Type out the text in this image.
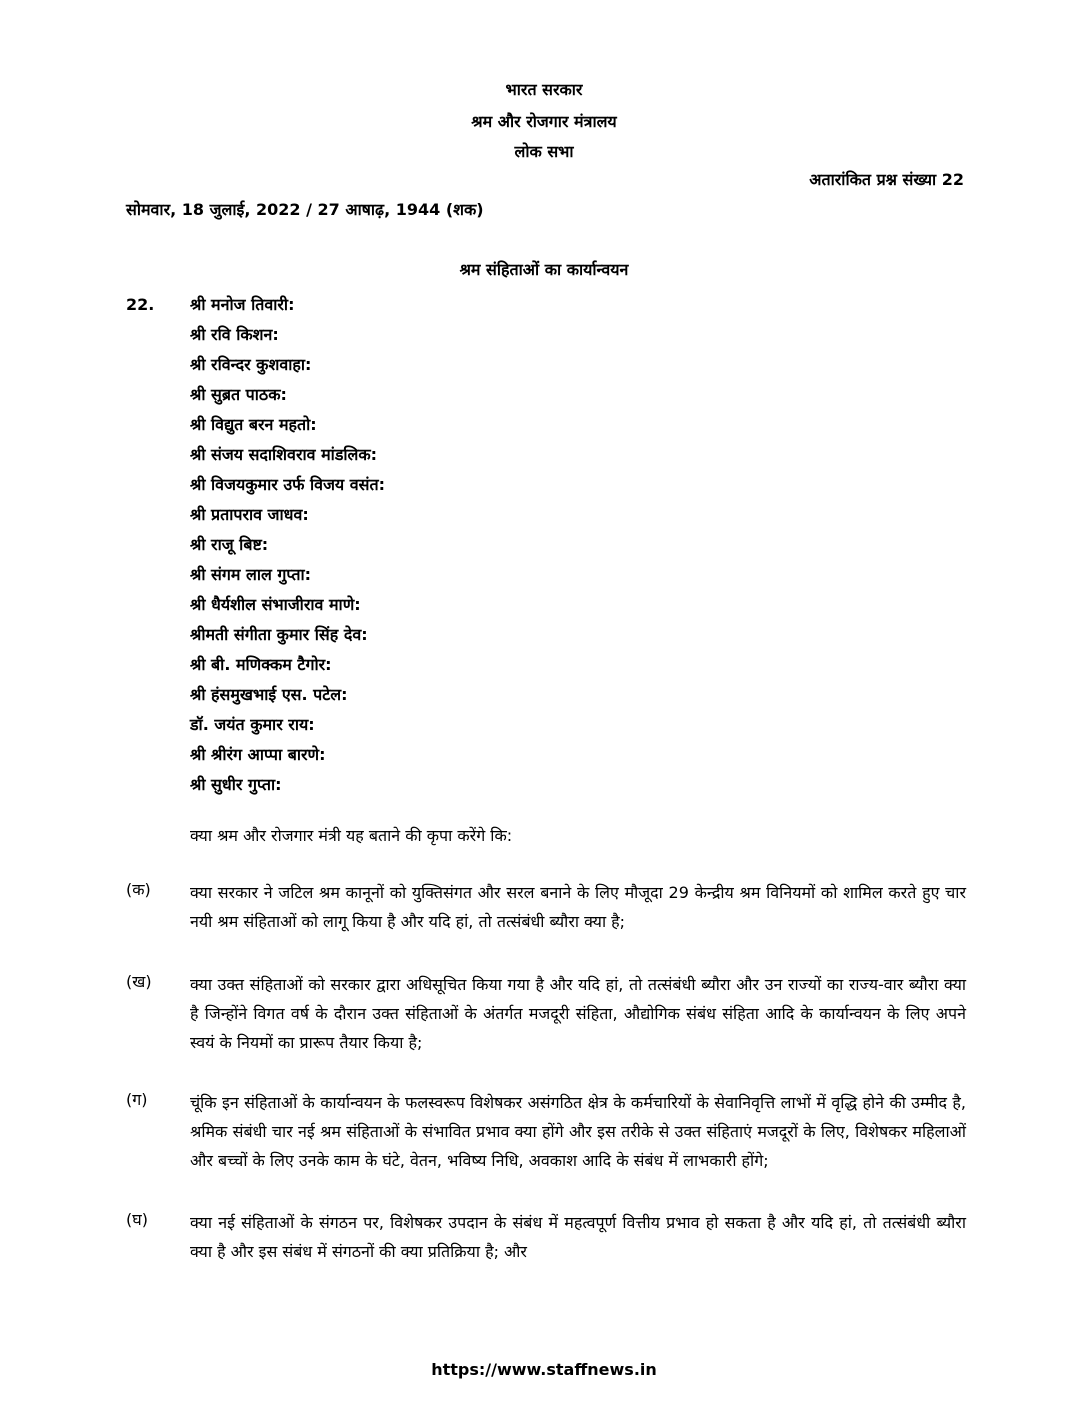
भारत सरकार
श्रम और रोजगार मंत्रालय
लोक सभा
अतारांकित प्रश्न संख्या 22
सोमवार, 18 जुलाई, 2022 / 27 आषाढ़, 1944 (शक)
श्रम संहिताओं का कार्यान्वयन
22. श्री मनोज तिवारी:
श्री रवि किशन:
श्री रविन्दर कुशवाहा:
श्री सुब्रत पाठक:
श्री विद्युत बरन महतो:
श्री संजय सदाशिवराव मांडलिक:
श्री विजयकुमार उर्फ विजय वसंत:
श्री प्रतापराव जाधव:
श्री राजू बिष्ट:
श्री संगम लाल गुप्ता:
श्री धैर्यशील संभाजीराव माणे:
श्रीमती संगीता कुमार सिंह देव:
श्री बी. मणिक्कम टैगोर:
श्री हंसमुखभाई एस. पटेल:
डॉ. जयंत कुमार राय:
श्री श्रीरंग आप्पा बारणे:
श्री सुधीर गुप्ता:
क्या श्रम और रोजगार मंत्री यह बताने की कृपा करेंगे कि:
(क) क्या सरकार ने जटिल श्रम कानूनों को युक्तिसंगत और सरल बनाने के लिए मौजूदा 29 केन्द्रीय श्रम विनियमों को शामिल करते हुए चार नयी श्रम संहिताओं को लागू किया है और यदि हां, तो तत्संबंधी ब्यौरा क्या है;
(ख) क्या उक्त संहिताओं को सरकार द्वारा अधिसूचित किया गया है और यदि हां, तो तत्संबंधी ब्यौरा और उन राज्यों का राज्य-वार ब्यौरा क्या है जिन्होंने विगत वर्ष के दौरान उक्त संहिताओं के अंतर्गत मजदूरी संहिता, औद्योगिक संबंध संहिता आदि के कार्यान्वयन के लिए अपने स्वयं के नियमों का प्रारूप तैयार किया है;
(ग)	चूंकि इन संहिताओं के कार्यान्वयन के फलस्वरूप विशेषकर असंगठित क्षेत्र के कर्मचारियों के सेवानिवृत्ति लाभों में वृद्धि होने की उम्मीद है, श्रमिक संबंधी चार नई श्रम संहिताओं के संभावित प्रभाव क्या होंगे और इस तरीके से उक्त संहिताएं मजदूरों के लिए, विशेषकर महिलाओं और बच्चों के लिए उनके काम के घंटे, वेतन, भविष्य निधि, अवकाश आदि के संबंध में लाभकारी होंगे;
(घ)	क्या नई संहिताओं के संगठन पर, विशेषकर उपदान के संबंध में महत्वपूर्ण वित्तीय प्रभाव हो सकता है और यदि हां, तो तत्संबंधी ब्यौरा क्या है और इस संबंध में संगठनों की क्या प्रतिक्रिया है; और
https://www.staffnews.in
